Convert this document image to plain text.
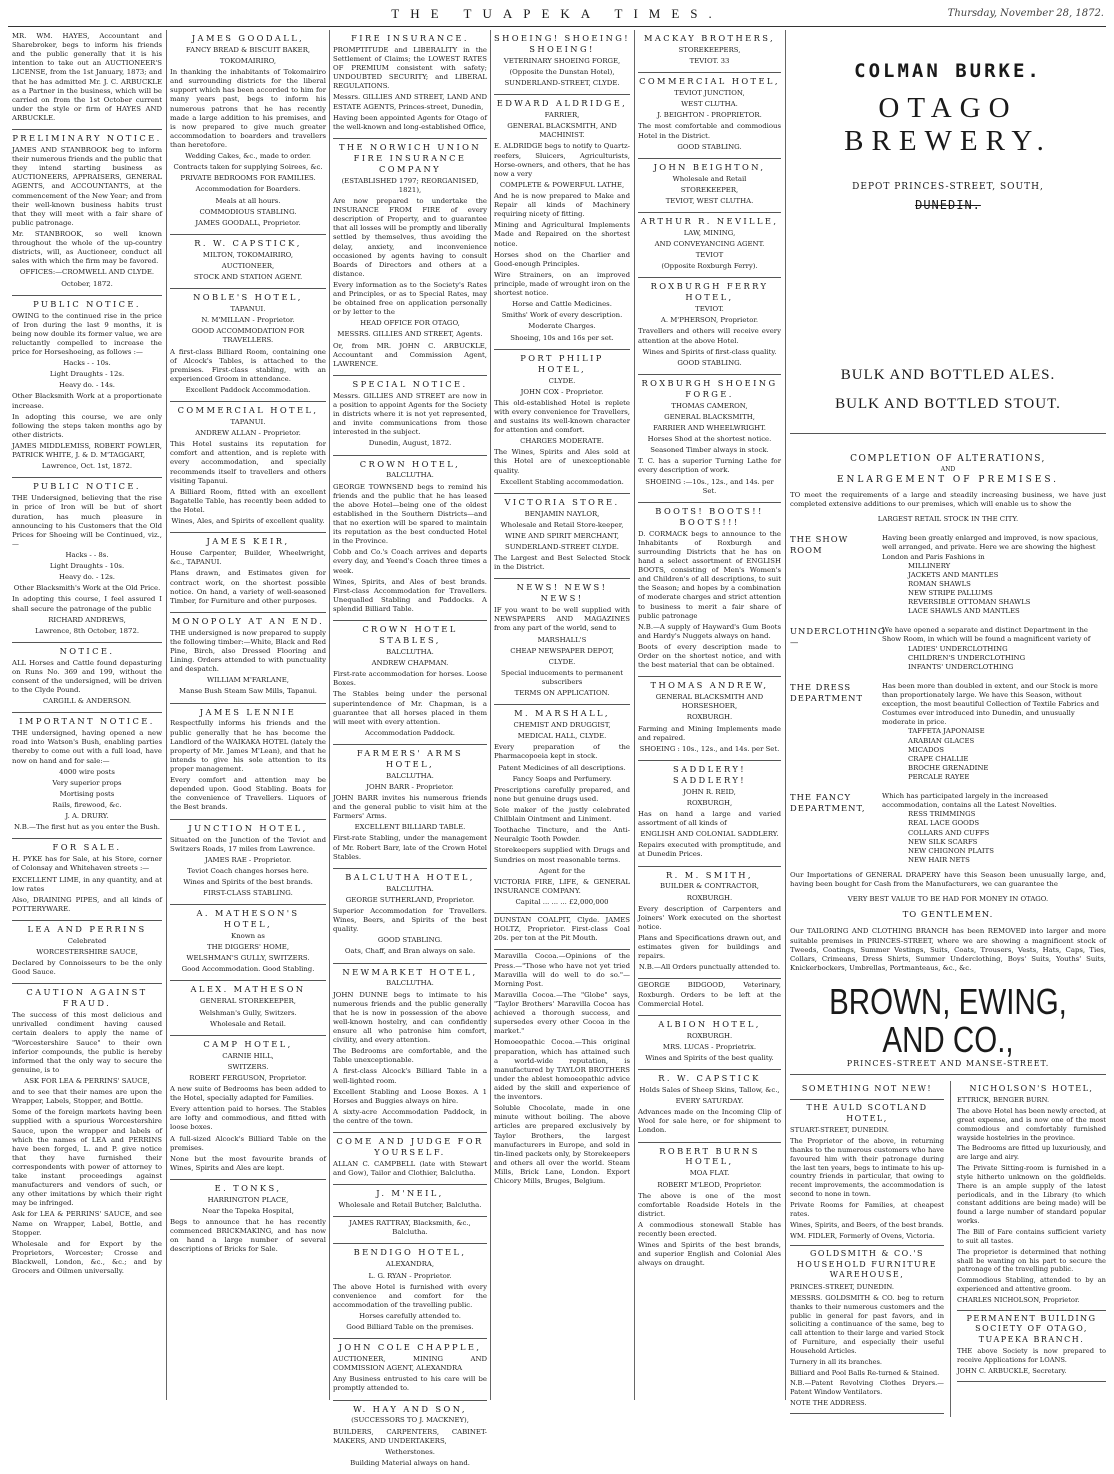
THE TUAPEKA TIMES.	Thursday, November 28, 1872.

MR. WM. HAYES, Accountant and Sharebroker, begs to inform his friends and the public generally that it is his intention to take out an AUCTIONEER'S LICENSE, from the 1st January, 1873; and that he has admitted Mr. J. C. ARBUCKLE as a Partner in the business, which will be carried on from the 1st October current under the style or firm of HAYES AND ARBUCKLE.

PRELIMINARY NOTICE.

JAMES AND STANBROOK beg to inform their numerous friends and the public that they intend starting business as AUCTIONEERS, APPRAISERS, GENERAL AGENTS, and ACCOUNTANTS, at the commencement of the New Year; and from their well-known business habits trust that they will meet with a fair share of public patronage.

Mr. STANBROOK, so well known throughout the whole of the up-country districts, will, as Auctioneer, conduct all sales with which the firm may be favored.

OFFICES:—CROMWELL AND CLYDE.

October, 1872.

PUBLIC NOTICE.

OWING to the continued rise in the price of Iron during the last 9 months, it is being now double its former value, we are reluctantly compelled to increase the price for Horseshoeing, as follows :—

Hacks - - 10s.

Light Draughts - 12s.

Heavy do. - 14s.

Other Blacksmith Work at a proportionate increase.

In adopting this course, we are only following the steps taken months ago by other districts.

JAMES MIDDLEMISS, ROBERT FOWLER, PATRICK WHITE, J. & D. M'TAGGART,

Lawrence, Oct. 1st, 1872.

PUBLIC NOTICE.

THE Undersigned, believing that the rise in price of Iron will be but of short duration, has much pleasure in announcing to his Customers that the Old Prices for Shoeing will be Continued, viz.,—

Hacks - - 8s.

Light Draughts - 10s.

Heavy do. - 12s.

Other Blacksmith's Work at the Old Price.

In adopting this course, I feel assured I shall secure the patronage of the public

RICHARD ANDREWS,

Lawrence, 8th October, 1872.

NOTICE.

ALL Horses and Cattle found depasturing on Runs No. 369 and 199, without the consent of the undersigned, will be driven to the Clyde Pound.

CARGILL & ANDERSON.

IMPORTANT NOTICE.

THE undersigned, having opened a new road into Watson's Bush, enabling parties thereby to come out with a full load, have now on hand and for sale:—

4000 wire posts

Very superior props

Mortising posts

Rails, firewood, &c.

J. A. DRURY.

N.B.—The first hut as you enter the Bush.

FOR SALE.

H. PYKE has for Sale, at his Store, corner of Colonsay and Whitehaven streets :—

EXCELLENT LIME, in any quantity, and at low rates

Also, DRAINING PIPES, and all kinds of POTTERYWARE.

LEA AND PERRINS

Celebrated

WORCESTERSHIRE SAUCE,

Declared by Connoisseurs to be the only Good Sauce.

CAUTION AGAINST FRAUD.

The success of this most delicious and unrivalled condiment having caused certain dealers to apply the name of "Worcestershire Sauce" to their own inferior compounds, the public is hereby informed that the only way to secure the genuine, is to

ASK FOR LEA & PERRINS' SAUCE,

and to see that their names are upon the Wrapper, Labels, Stopper, and Bottle.

Some of the foreign markets having been supplied with a spurious Worcestershire Sauce, upon the wrapper and labels of which the names of LEA and PERRINS have been forged, L. and P. give notice that they have furnished their correspondents with power of attorney to take instant proceedings against manufacturers and vendors of such, or any other imitations by which their right may be infringed.

Ask for LEA & PERRINS' SAUCE, and see Name on Wrapper, Label, Bottle, and Stopper.

Wholesale and for Export by the Proprietors, Worcester; Crosse and Blackwell, London, &c., &c.; and by Grocers and Oilmen universally.

JAMES GOODALL,

FANCY BREAD & BISCUIT BAKER,

TOKOMAIRIRO,

In thanking the inhabitants of Tokomairiro and surrounding districts for the liberal support which has been accorded to him for many years past, begs to inform his numerous patrons that he has recently made a large addition to his premises, and is now prepared to give much greater accommodation to boarders and travellers than heretofore.

Wedding Cakes, &c., made to order.

Contracts taken for supplying Soirees, &c.

PRIVATE BEDROOMS FOR FAMILIES.

Accommodation for Boarders.

Meals at all hours.

COMMODIOUS STABLING.

JAMES GOODALL, Proprietor.

R. W. CAPSTICK,

MILTON, TOKOMAIRIRO,

AUCTIONEER,

STOCK AND STATION AGENT.

NOBLE'S HOTEL,

TAPANUI.

N. M'MILLAN - Proprietor.

GOOD ACCOMMODATION FOR TRAVELLERS.

A first-class Billiard Room, containing one of Alcock's Tables, is attached to the premises. First-class stabling, with an experienced Groom in attendance.

Excellent Paddock Accommodation.

COMMERCIAL HOTEL,

TAPANUI.

ANDREW ALLAN - Proprietor.

This Hotel sustains its reputation for comfort and attention, and is replete with every accommodation, and specially recommends itself to travellers and others visiting Tapanui.

A Billiard Room, fitted with an excellent Bagatelle Table, has recently been added to the Hotel.

Wines, Ales, and Spirits of excellent quality.

JAMES KEIR,

House Carpenter, Builder, Wheelwright, &c., TAPANUI.

Plans drawn, and Estimates given for contract work, on the shortest possible notice. On hand, a variety of well-seasoned Timber, for Furniture and other purposes.

MONOPOLY AT AN END.

THE undersigned is now prepared to supply the following timber:—White, Black and Red Pine, Birch, also Dressed Flooring and Lining. Orders attended to with punctuality and despatch.

WILLIAM M'FARLANE,

Manse Bush Steam Saw Mills, Tapanui.

JAMES LENNIE

Respectfully informs his friends and the public generally that he has become the Landlord of the WAIKAKA HOTEL (lately the property of Mr. James M'Lean), and that he intends to give his sole attention to its proper management.

Every comfort and attention may be depended upon. Good Stabling. Boats for the convenience of Travellers. Liquors of the Best brands.

JUNCTION HOTEL,

Situated on the Junction of the Teviot and Switzers Roads, 17 miles from Lawrence.

JAMES RAE - Proprietor.

Teviot Coach changes horses here.

Wines and Spirits of the best brands.

FIRST-CLASS STABLING.

A. MATHESON'S HOTEL,

Known as

THE DIGGERS' HOME,

WELSHMAN'S GULLY, SWITZERS.

Good Accommodation. Good Stabling.

ALEX. MATHESON

GENERAL STOREKEEPER,

Welshman's Gully, Switzers.

Wholesale and Retail.

CAMP HOTEL,

CARNIE HILL,

SWITZERS.

ROBERT FERGUSON, Proprietor.

A new suite of Bedrooms has been added to the Hotel, specially adapted for Families.

Every attention paid to horses. The Stables are lofty and commodious, and fitted with loose boxes.

A full-sized Alcock's Billiard Table on the premises.

None but the most favourite brands of Wines, Spirits and Ales are kept.

E. TONKS,

HARRINGTON PLACE,

Near the Tapeka Hospital,

Begs to announce that he has recently commenced BRICKMAKING, and has now on hand a large number of several descriptions of Bricks for Sale.

FIRE INSURANCE.

PROMPTITUDE and LIBERALITY in the Settlement of Claims; the LOWEST RATES OF PREMIUM consistent with safety; UNDOUBTED SECURITY; and LIBERAL REGULATIONS.

Messrs. GILLIES AND STREET, LAND AND ESTATE AGENTS, Princes-street, Dunedin,

Having been appointed Agents for Otago of the well-known and long-established Office,

THE NORWICH UNION FIRE INSURANCE COMPANY

(ESTABLISHED 1797; REORGANISED, 1821),

Are now prepared to undertake the INSURANCE FROM FIRE of every description of Property, and to guarantee that all losses will be promptly and liberally settled by themselves, thus avoiding the delay, anxiety, and inconvenience occasioned by agents having to consult Boards of Directors and others at a distance.

Every information as to the Society's Rates and Principles, or as to Special Rates, may be obtained free on application personally or by letter to the

HEAD OFFICE FOR OTAGO,

MESSRS. GILLIES AND STREET, Agents.

Or, from MR. JOHN C. ARBUCKLE, Accountant and Commission Agent, LAWRENCE.

SPECIAL NOTICE.

Messrs. GILLIES AND STREET are now in a position to appoint Agents for the Society in districts where it is not yet represented, and invite communications from those interested in the subject.

Dunedin, August, 1872.

CROWN HOTEL,

BALCLUTHA.

GEORGE TOWNSEND begs to remind his friends and the public that he has leased the above Hotel—being one of the oldest established in the Southern Districts—and that no exertion will be spared to maintain its reputation as the best conducted Hotel in the Province.

Cobb and Co.'s Coach arrives and departs every day, and Yeend's Coach three times a week.

Wines, Spirits, and Ales of best brands. First-class Accommodation for Travellers. Unequalled Stabling and Paddocks. A splendid Billiard Table.

CROWN HOTEL STABLES,

BALCLUTHA.

ANDREW CHAPMAN.

First-rate accommodation for horses. Loose Boxes.

The Stables being under the personal superintendence of Mr. Chapman, is a guarantee that all horses placed in them will meet with every attention.

Accommodation Paddock.

FARMERS' ARMS HOTEL,

BALCLUTHA.

JOHN BARR - Proprietor.

JOHN BARR invites his numerous friends and the general public to visit him at the Farmers' Arms.

EXCELLENT BILLIARD TABLE.

First-rate Stabling, under the management of Mr. Robert Barr, late of the Crown Hotel Stables.

BALCLUTHA HOTEL,

BALCLUTHA.

GEORGE SUTHERLAND, Proprietor.

Superior Accommodation for Travellers. Wines, Beers, and Spirits of the best quality.

GOOD STABLING.

Oats, Chaff, and Bran always on sale.

NEWMARKET HOTEL,

BALCLUTHA.

JOHN DUNNE begs to intimate to his numerous friends and the public generally that he is now in possession of the above well-known hostelry, and can confidently ensure all who patronise him comfort, civility, and every attention.

The Bedrooms are comfortable, and the Table unexceptionable.

A first-class Alcock's Billiard Table in a well-lighted room.

Excellent Stabling and Loose Boxes. A 1 Horses and Buggies always on hire.

A sixty-acre Accommodation Paddock, in the centre of the town.

COME AND JUDGE FOR YOURSELF.

ALLAN C. CAMPBELL (late with Stewart and Gow), Tailor and Clothier, Balclutha.

J. M'NEIL,

Wholesale and Retail Butcher, Balclutha.

JAMES RATTRAY, Blacksmith, &c., Balclutha.

BENDIGO HOTEL,

ALEXANDRA,

L. G. RYAN - Proprietor.

The above Hotel is furnished with every convenience and comfort for the accommodation of the travelling public.

Horses carefully attended to.

Good Billiard Table on the premises.

JOHN COLE CHAPPLE,

AUCTIONEER, MINING AND COMMISSION AGENT, ALEXANDRA

Any Business entrusted to his care will be promptly attended to.

W. HAY AND SON,

(SUCCESSORS TO J. MACKNEY),

BUILDERS, CARPENTERS, CABINET-MAKERS, AND UNDERTAKERS,

Wetherstones.

Building Material always on hand.

SHOEING! SHOEING! SHOEING!

VETERINARY SHOEING FORGE,

(Opposite the Dunstan Hotel),

SUNDERLAND-STREET, CLYDE.

EDWARD ALDRIDGE,

FARRIER,

GENERAL BLACKSMITH, AND MACHINIST.

E. ALDRIDGE begs to notify to Quartz-reefers, Sluicers, Agriculturists, Horse-owners, and others, that he has now a very

COMPLETE & POWERFUL LATHE,

And he is now prepared to Make and Repair all kinds of Machinery requiring nicety of fitting.

Mining and Agricultural Implements Made and Repaired on the shortest notice.

Horses shod on the Charlier and Good-enough Principles.

Wire Strainers, on an improved principle, made of wrought iron on the shortest notice.

Horse and Cattle Medicines.

Smiths' Work of every description.

Moderate Charges.

Shoeing, 10s and 16s per set.

PORT PHILIP HOTEL,

CLYDE.

JOHN COX - Proprietor.

This old-established Hotel is replete with every convenience for Travellers, and sustains its well-known character for attention and comfort.

CHARGES MODERATE.

The Wines, Spirits and Ales sold at this Hotel are of unexceptionable quality.

Excellent Stabling accommodation.

VICTORIA STORE.

BENJAMIN NAYLOR,

Wholesale and Retail Store-keeper,

WINE AND SPIRIT MERCHANT,

SUNDERLAND-STREET CLYDE.

The Largest and Best Selected Stock in the District.

NEWS! NEWS! NEWS!

IF you want to be well supplied with NEWSPAPERS AND MAGAZINES from any part of the world, send to

MARSHALL'S

CHEAP NEWSPAPER DEPOT,

CLYDE.

Special inducements to permanent subscribers

TERMS ON APPLICATION.

M. MARSHALL,

CHEMIST AND DRUGGIST,

MEDICAL HALL, CLYDE.

Every preparation of the Pharmacopoeia kept in stock.

Patent Medicines of all descriptions.

Fancy Soaps and Perfumery.

Prescriptions carefully prepared, and none but genuine drugs used.

Sole maker of the justly celebrated Chilblain Ointment and Liniment.

Toothache Tincture, and the Anti-Neuralgic Tooth Powder.

Storekeepers supplied with Drugs and Sundries on most reasonable terms.

Agent for the

VICTORIA FIRE, LIFE, & GENERAL INSURANCE COMPANY.

Capital ... ... ... £2,000,000

DUNSTAN COALPIT, Clyde. JAMES HOLTZ, Proprietor. First-class Coal 20s. per ton at the Pit Mouth.

Maravilla Cocoa.—Opinions of the Press.—"Those who have not yet tried Maravilla will do well to do so."—Morning Post.

Maravilla Cocoa.—The "Globe" says, "Taylor Brothers' Maravilla Cocoa has achieved a thorough success, and supersedes every other Cocoa in the market."

Homoeopathic Cocoa.—This original preparation, which has attained such a world-wide reputation, is manufactured by TAYLOR BROTHERS under the ablest homoeopathic advice aided by the skill and experience of the inventors.

Soluble Chocolate, made in one minute without boiling. The above articles are prepared exclusively by Taylor Brothers, the largest manufacturers in Europe, and sold in tin-lined packets only, by Storekeepers and others all over the world. Steam Mills, Brick Lane, London. Export Chicory Mills, Bruges, Belgium.

MACKAY BROTHERS,

STOREKEEPERS,

TEVIOT. 33

COMMERCIAL HOTEL,

TEVIOT JUNCTION,

WEST CLUTHA.

J. BEIGHTON - PROPRIETOR.

The most comfortable and commodious Hotel in the District.

GOOD STABLING.

JOHN BEIGHTON,

Wholesale and Retail

STOREKEEPER,

TEVIOT, WEST CLUTHA.

ARTHUR R. NEVILLE,

LAW, MINING,

AND CONVEYANCING AGENT.

TEVIOT

(Opposite Roxburgh Ferry).

ROXBURGH FERRY HOTEL,

TEVIOT.

A. M'PHERSON, Proprietor.

Travellers and others will receive every attention at the above Hotel.

Wines and Spirits of first-class quality.

GOOD STABLING.

ROXBURGH SHOEING FORGE.

THOMAS CAMERON,

GENERAL BLACKSMITH,

FARRIER AND WHEELWRIGHT.

Horses Shod at the shortest notice.

Seasoned Timber always in stock.

T. C. has a superior Turning Lathe for every description of work.

SHOEING :—10s., 12s., and 14s. per Set.

BOOTS! BOOTS!! BOOTS!!!

D. CORMACK begs to announce to the Inhabitants of Roxburgh and surrounding Districts that he has on hand a select assortment of ENGLISH BOOTS, consisting of Men's Women's and Children's of all descriptions, to suit the Season; and hopes by a combination of moderate charges and strict attention to business to merit a fair share of public patronage

N.B.—A supply of Hayward's Gum Boots and Hardy's Nuggets always on hand.

Boots of every description made to Order on the shortest notice, and with the best material that can be obtained.

THOMAS ANDREW,

GENERAL BLACKSMITH AND HORSESHOER,

ROXBURGH.

Farming and Mining Implements made and repaired.

SHOEING : 10s., 12s., and 14s. per Set.

SADDLERY! SADDLERY!

JOHN R. REID,

ROXBURGH,

Has on hand a large and varied assortment of all kinds of

ENGLISH AND COLONIAL SADDLERY.

Repairs executed with promptitude, and at Dunedin Prices.

R. M. SMITH,

BUILDER & CONTRACTOR,

ROXBURGH.

Every description of Carpenters and Joiners' Work executed on the shortest notice.

Plans and Specifications drawn out, and estimates given for buildings and repairs.

N.B.—All Orders punctually attended to.

GEORGE BIDGOOD, Veterinary, Roxburgh. Orders to be left at the Commercial Hotel.

ALBION HOTEL,

ROXBURGH.

MRS. LUCAS - Proprietrix.

Wines and Spirits of the best quality.

R. W. CAPSTICK

Holds Sales of Sheep Skins, Tallow, &c.,

EVERY SATURDAY.

Advances made on the Incoming Clip of Wool for sale here, or for shipment to London.

ROBERT BURNS HOTEL,

MOA FLAT.

ROBERT M'LEOD, Proprietor.

The above is one of the most comfortable Roadside Hotels in the district.

A commodious stonewall Stable has recently been erected.

Wines and Spirits of the best brands, and superior English and Colonial Ales always on draught.

COLMAN BURKE.
OTAGO BREWERY.
DEPOT PRINCES-STREET, SOUTH,
DUNEDIN.
BULK AND BOTTLED ALES.
BULK AND BOTTLED STOUT.
COMPLETION OF ALTERATIONS,
AND
ENLARGEMENT OF PREMISES.

TO meet the requirements of a large and steadily increasing business, we have just completed extensive additions to our premises, which will enable us to show the

LARGEST RETAIL STOCK IN THE CITY.

THE SHOW ROOM
Having been greatly enlarged and improved, is now spacious, well arranged, and private. Here we are showing the highest London and Paris Fashions in
MILLINERY
JACKETS AND MANTLES
ROMAN SHAWLS
NEW STRIPE PALLUMS
REVERSIBLE OTTOMAN SHAWLS
LACE SHAWLS AND MANTLES
UNDERCLOTHING—
We have opened a separate and distinct Department in the Show Room, in which will be found a magnificent variety of
LADIES' UNDERCLOTHING
CHILDREN'S UNDERCLOTHING
INFANTS' UNDERCLOTHING
THE DRESS DEPARTMENT
Has been more than doubled in extent, and our Stock is more than proportionately large. We have this Season, without exception, the most beautiful Collection of Textile Fabrics and Costumes ever introduced into Dunedin, and unusually moderate in price.
TAFFETA JAPONAISE
ARABIAN GLACES
MICADOS
CRAPE CHALLIE
BROCHE GRENADINE
PERCALE RAYEE
THE FANCY DEPARTMENT,
Which has participated largely in the increased accommodation, contains all the Latest Novelties.
RESS TRIMMINGS
REAL LACE GOODS
COLLARS AND CUFFS
NEW SILK SCARFS
NEW CHIGNON PLAITS
NEW HAIR NETS

Our Importations of GENERAL DRAPERY have this Season been unusually large, and, having been bought for Cash from the Manufacturers, we can guarantee the

VERY BEST VALUE TO BE HAD FOR MONEY IN OTAGO.

TO GENTLEMEN.

Our TAILORING AND CLOTHING BRANCH has been REMOVED into larger and more suitable premises in PRINCES-STREET, where we are showing a magnificent stock of Tweeds, Coatings, Summer Vestings, Suits, Coats, Trousers, Vests, Hats, Caps, Ties, Collars, Crimeans, Dress Shirts, Summer Underclothing, Boys' Suits, Youths' Suits, Knickerbockers, Umbrellas, Portmanteaus, &c., &c.

BROWN, EWING, AND CO.,
PRINCES-STREET AND MANSE-STREET.
SOMETHING NOT NEW!
THE AULD SCOTLAND HOTEL,

STUART-STREET, DUNEDIN.

The Proprietor of the above, in returning thanks to the numerous customers who have favoured him with their patronage during the last ten years, begs to intimate to his up-country friends in particular, that owing to recent improvements, the accommodation is second to none in town.

Private Rooms for Families, at cheapest rates.

Wines, Spirits, and Beers, of the best brands.

WM. FIDLER, Formerly of Ovens, Victoria.

GOLDSMITH & CO.'S HOUSEHOLD FURNITURE WAREHOUSE,

PRINCES-STREET, DUNEDIN.

MESSRS. GOLDSMITH & CO. beg to return thanks to their numerous customers and the public in general for past favors, and in soliciting a continuance of the same, beg to call attention to their large and varied Stock of Furniture, and especially their useful Household Articles.

Turnery in all its branches.

Billiard and Pool Balls Re-turned & Stained.

N.B.—Patent Revolving Clothes Dryers.—Patent Window Ventilators.

NOTE THE ADDRESS.

NICHOLSON'S HOTEL,

ETTRICK, BENGER BURN.

The above Hotel has been newly erected, at great expense, and is now one of the most commodious and comfortably furnished wayside hostelries in the province.

The Bedrooms are fitted up luxuriously, and are large and airy.

The Private Sitting-room is furnished in a style hitherto unknown on the goldfields. There is an ample supply of the latest periodicals, and in the Library (to which constant additions are being made) will be found a large number of standard popular works.

The Bill of Fare contains sufficient variety to suit all tastes.

The proprietor is determined that nothing shall be wanting on his part to secure the patronage of the travelling public.

Commodious Stabling, attended to by an experienced and attentive groom.

CHARLES NICHOLSON, Proprietor.

PERMANENT BUILDING SOCIETY OF OTAGO, TUAPEKA BRANCH.

THE above Society is now prepared to receive Applications for LOANS.

JOHN C. ARBUCKLE, Secretary.
